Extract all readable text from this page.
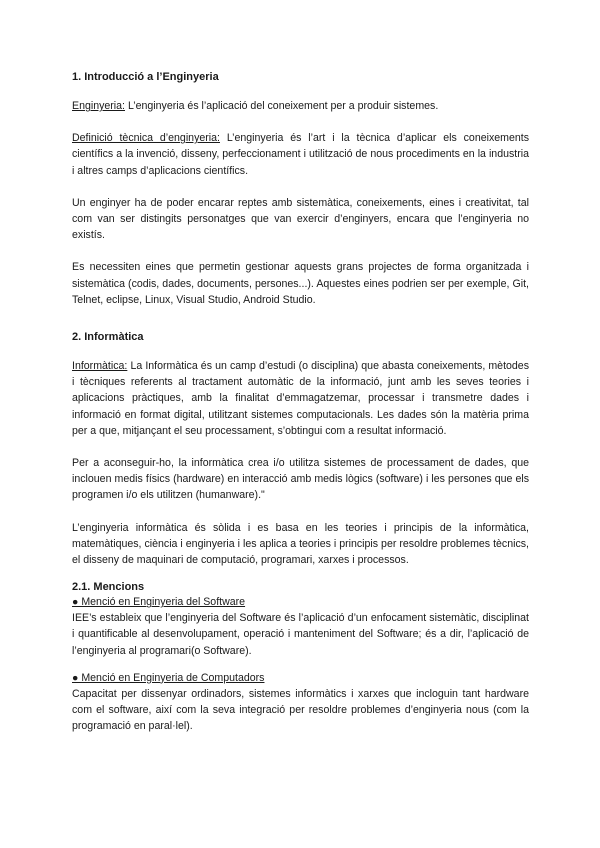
1. Introducció a l’Enginyeria

Enginyeria: L’enginyeria és l’aplicació del coneixement per a produir sistemes.

Definició tècnica d’enginyeria: L’enginyeria és l’art i la tècnica d’aplicar els coneixements científics a la invenció, disseny, perfeccionament i utilització de nous procediments en la industria i altres camps d’aplicacions científics.

Un enginyer ha de poder encarar reptes amb sistemàtica, coneixements, eines i creativitat, tal com van ser distingits personatges que van exercir d’enginyers, encara que l’enginyeria no existís.

Es necessiten eines que permetin gestionar aquests grans projectes de forma organitzada i sistemàtica (codis, dades, documents, persones...). Aquestes eines podrien ser per exemple, Git, Telnet, eclipse, Linux, Visual Studio, Android Studio.

2. Informàtica

Informàtica: La Informàtica és un camp d’estudi (o disciplina) que abasta coneixements, mètodes i tècniques referents al tractament automàtic de la informació, junt amb les seves teories i aplicacions pràctiques, amb la finalitat d’emmagatzemar, processar i transmetre dades i informació en format digital, utilitzant sistemes computacionals. Les dades són la matèria prima per a que, mitjançant el seu processament, s’obtingui com a resultat informació.

Per a aconseguir-ho, la informàtica crea i/o utilitza sistemes de processament de dades, que inclouen medis físics (hardware) en interacció amb medis lògics (software) i les persones que els programen i/o els utilitzen (humanware)."

L’enginyeria informàtica és sòlida i es basa en les teories i principis de la informàtica, matemàtiques, ciència i enginyeria i les aplica a teories i principis per resoldre problemes tècnics, el disseny de maquinari de computació, programari, xarxes i processos.

2.1. Mencions
● Menció en Enginyeria del Software

IEE’s estableix que l’enginyeria del Software és l’aplicació d’un enfocament sistemàtic, disciplinat i quantificable al desenvolupament, operació i manteniment del Software; és a dir, l’aplicació de l’enginyeria al programari(o Software).

● Menció en Enginyeria de Computadors

Capacitat per dissenyar ordinadors, sistemes informàtics i xarxes que incloguin tant hardware com el software, així com la seva integració per resoldre problemes d’enginyeria nous (com la programació en paral·lel).
